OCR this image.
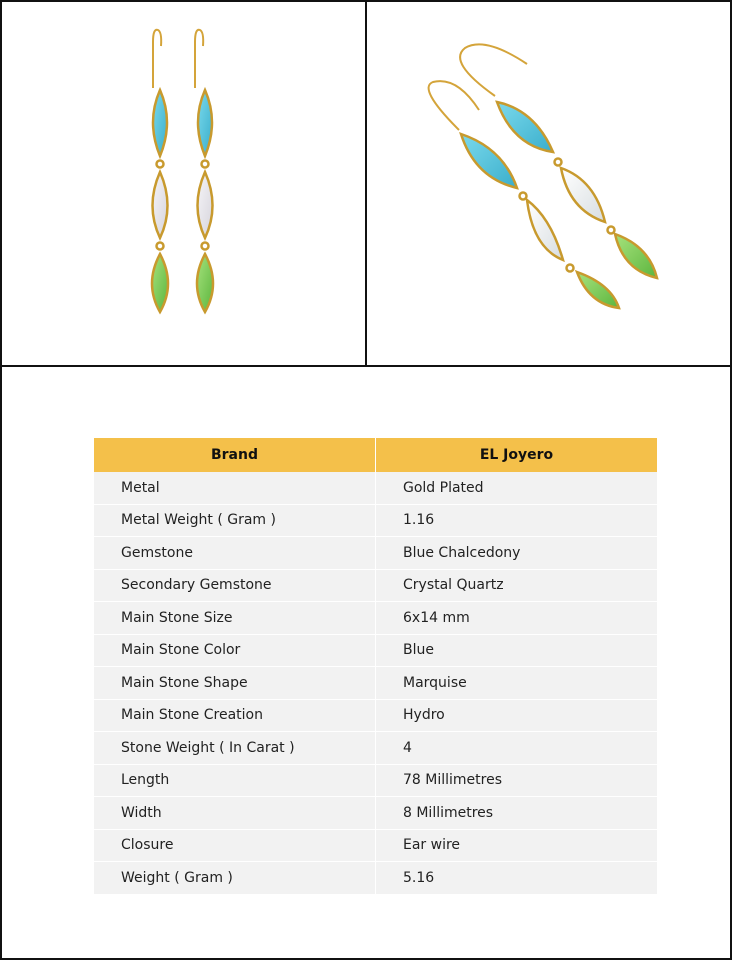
Brand	EL Joyero
Metal	Gold Plated
Metal Weight ( Gram )	1.16
Gemstone	Blue Chalcedony
Secondary Gemstone	Crystal Quartz
Main Stone Size	6x14 mm
Main Stone Color	Blue
Main Stone Shape	Marquise
Main Stone Creation	Hydro
Stone Weight ( In Carat )	4
Length	78 Millimetres
Width	8 Millimetres
Closure	Ear wire
Weight ( Gram )	5.16
